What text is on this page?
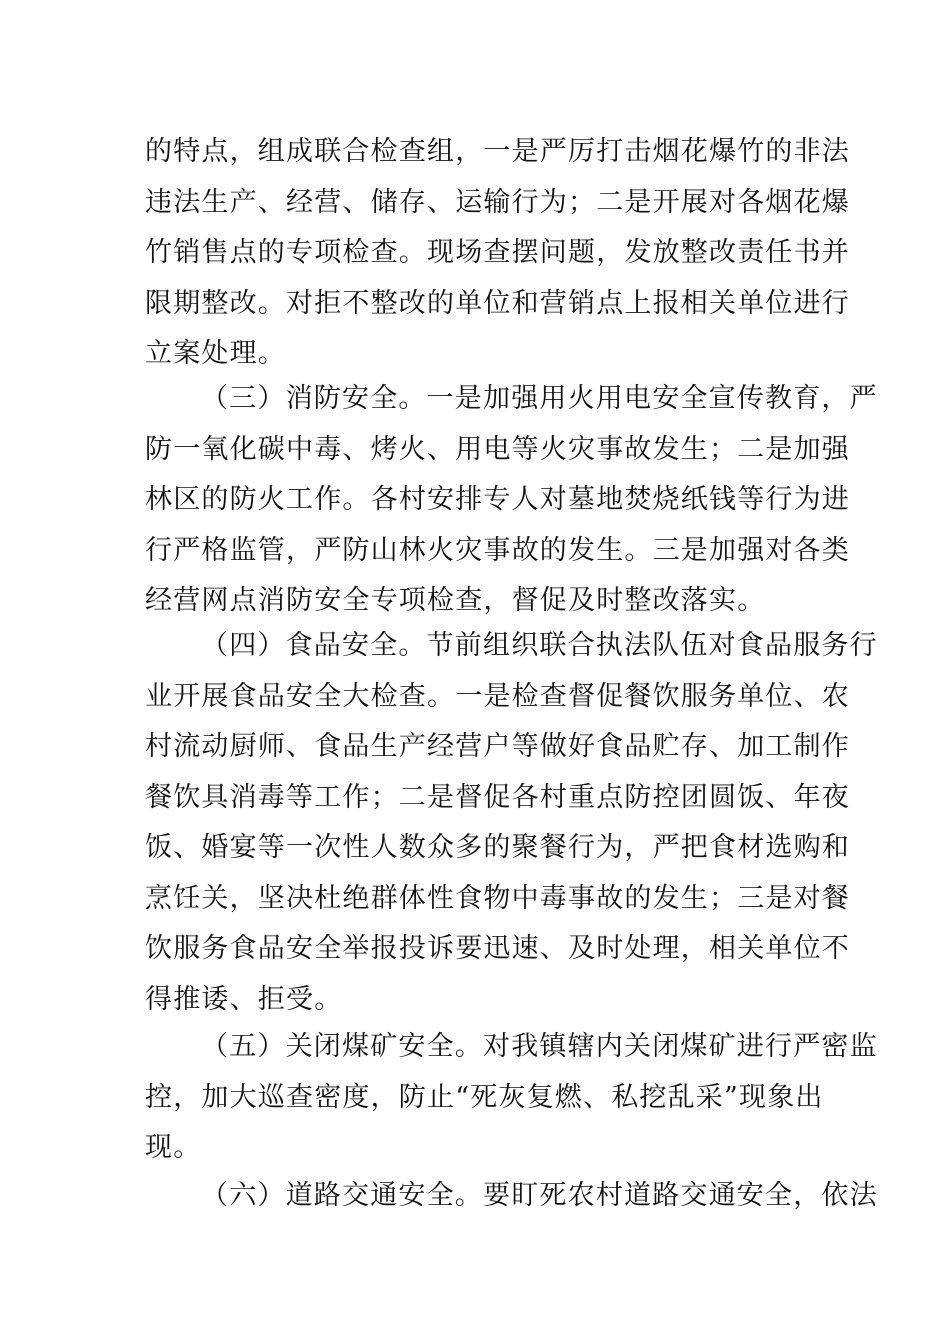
的特点，组成联合检查组，一是严厉打击烟花爆竹的非法
违法生产、经营、储存、运输行为；二是开展对各烟花爆
竹销售点的专项检查。现场查摆问题，发放整改责任书并
限期整改。对拒不整改的单位和营销点上报相关单位进行
立案处理。
（三）消防安全。一是加强用火用电安全宣传教育，严
防一氧化碳中毒、烤火、用电等火灾事故发生；二是加强
林区的防火工作。各村安排专人对墓地焚烧纸钱等行为进
行严格监管，严防山林火灾事故的发生。三是加强对各类
经营网点消防安全专项检查，督促及时整改落实。
（四）食品安全。节前组织联合执法队伍对食品服务行
业开展食品安全大检查。一是检查督促餐饮服务单位、农
村流动厨师、食品生产经营户等做好食品贮存、加工制作
餐饮具消毒等工作；二是督促各村重点防控团圆饭、年夜
饭、婚宴等一次性人数众多的聚餐行为，严把食材选购和
烹饪关，坚决杜绝群体性食物中毒事故的发生；三是对餐
饮服务食品安全举报投诉要迅速、及时处理，相关单位不
得推诿、拒受。
（五）关闭煤矿安全。对我镇辖内关闭煤矿进行严密监
控，加大巡查密度，防止“死灰复燃、私挖乱采”现象出
现。
（六）道路交通安全。要盯死农村道路交通安全，依法
